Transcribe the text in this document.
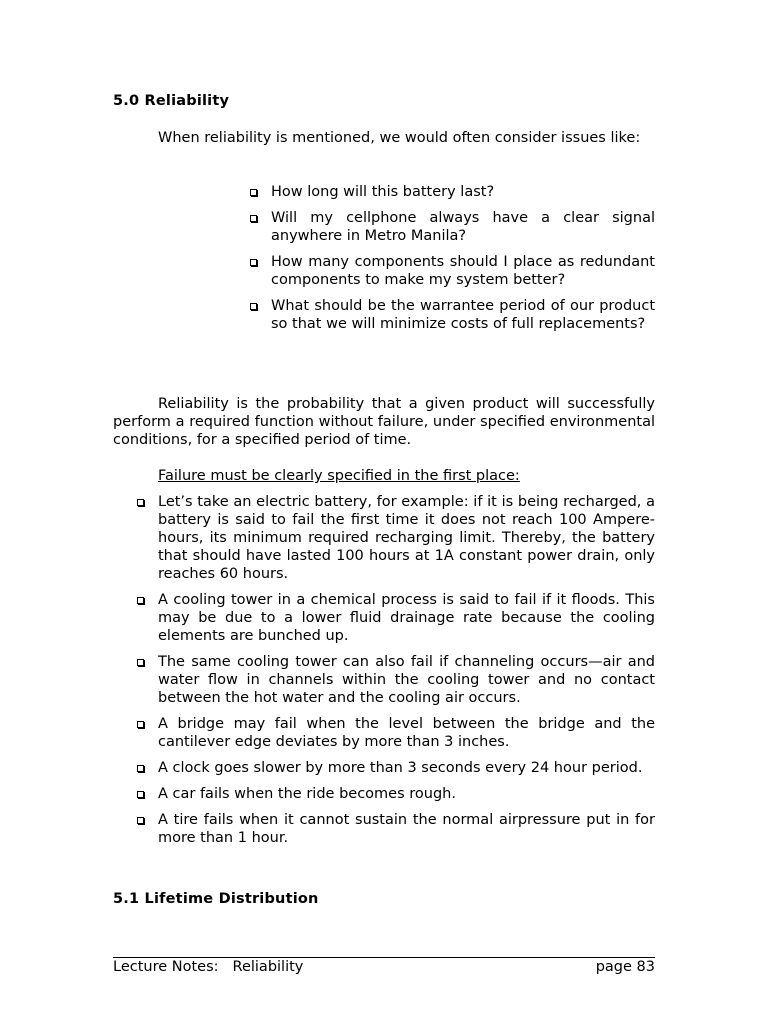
5.0 Reliability
When reliability is mentioned, we would often consider issues like:
How long will this battery last?
Will my cellphone always have a clear signal anywhere in Metro Manila?
How many components should I place as redundant components to make my system better?
What should be the warrantee period of our product so that we will minimize costs of full replacements?
Reliability is the probability that a given product will successfully perform a required function without failure, under specified environmental conditions, for a specified period of time.
Failure must be clearly specified in the first place:
Let’s take an electric battery, for example: if it is being recharged, a battery is said to fail the first time it does not reach 100 Ampere-hours, its minimum required recharging limit. Thereby, the battery that should have lasted 100 hours at 1A constant power drain, only reaches 60 hours.
A cooling tower in a chemical process is said to fail if it floods. This may be due to a lower fluid drainage rate because the cooling elements are bunched up.
The same cooling tower can also fail if channeling occurs—air and water flow in channels within the cooling tower and no contact between the hot water and the cooling air occurs.
A bridge may fail when the level between the bridge and the cantilever edge deviates by more than 3 inches.
A clock goes slower by more than 3 seconds every 24 hour period.
A car fails when the ride becomes rough.
A tire fails when it cannot sustain the normal airpressure put in for more than 1 hour.
5.1 Lifetime Distribution
Lecture Notes: Reliability	page 83
